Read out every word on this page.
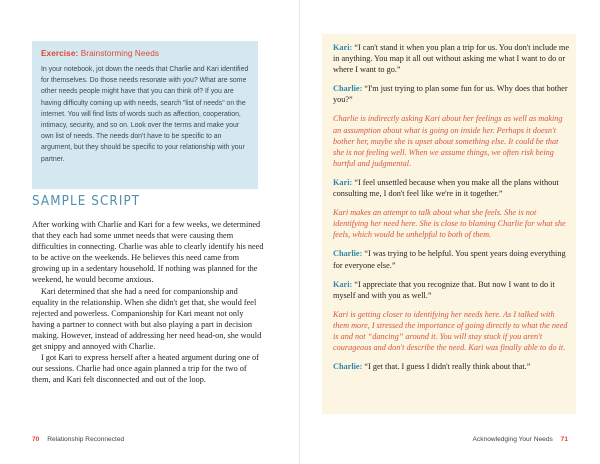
Exercise: Brainstorming Needs
In your notebook, jot down the needs that Charlie and Kari identified for themselves. Do those needs resonate with you? What are some other needs people might have that you can think of? If you are having difficulty coming up with needs, search "list of needs" on the internet. You will find lists of words such as affection, cooperation, intimacy, security, and so on. Look over the terms and make your own list of needs. The needs don't have to be specific to an argument, but they should be specific to your relationship with your partner.
SAMPLE SCRIPT

After working with Charlie and Kari for a few weeks, we determined that they each had some unmet needs that were causing them difficulties in connecting. Charlie was able to clearly identify his need to be active on the weekends. He believes this need came from growing up in a sedentary household. If nothing was planned for the weekend, he would become anxious.

Kari determined that she had a need for companionship and equality in the relationship. When she didn't get that, she would feel rejected and powerless. Companionship for Kari meant not only having a partner to connect with but also playing a part in decision making. However, instead of addressing her need head-on, she would get snippy and annoyed with Charlie.

I got Kari to express herself after a heated argument during one of our sessions. Charlie had once again planned a trip for the two of them, and Kari felt disconnected and out of the loop.

70 Relationship Reconnected

Kari: “I can't stand it when you plan a trip for us. You don't include me in anything. You map it all out without asking me what I want to do or where I want to go.”

Charlie: “I'm just trying to plan some fun for us. Why does that bother you?”

Charlie is indirectly asking Kari about her feelings as well as making an assumption about what is going on inside her. Perhaps it doesn't bother her, maybe she is upset about something else. It could be that she is not feeling well. When we assume things, we often risk being hurtful and judgmental.

Kari: “I feel unsettled because when you make all the plans without consulting me, I don't feel like we're in it together.”

Kari makes an attempt to talk about what she feels. She is not identifying her need here. She is close to blaming Charlie for what she feels, which would be unhelpful to both of them.

Charlie: “I was trying to be helpful. You spent years doing everything for everyone else.”

Kari: “I appreciate that you recognize that. But now I want to do it myself and with you as well.”

Kari is getting closer to identifying her needs here. As I talked with them more, I stressed the importance of going directly to what the need is and not “dancing” around it. You will stay stuck if you aren't courageous and don't describe the need. Kari was finally able to do it.

Charlie: “I get that. I guess I didn't really think about that.”

Acknowledging Your Needs 71
